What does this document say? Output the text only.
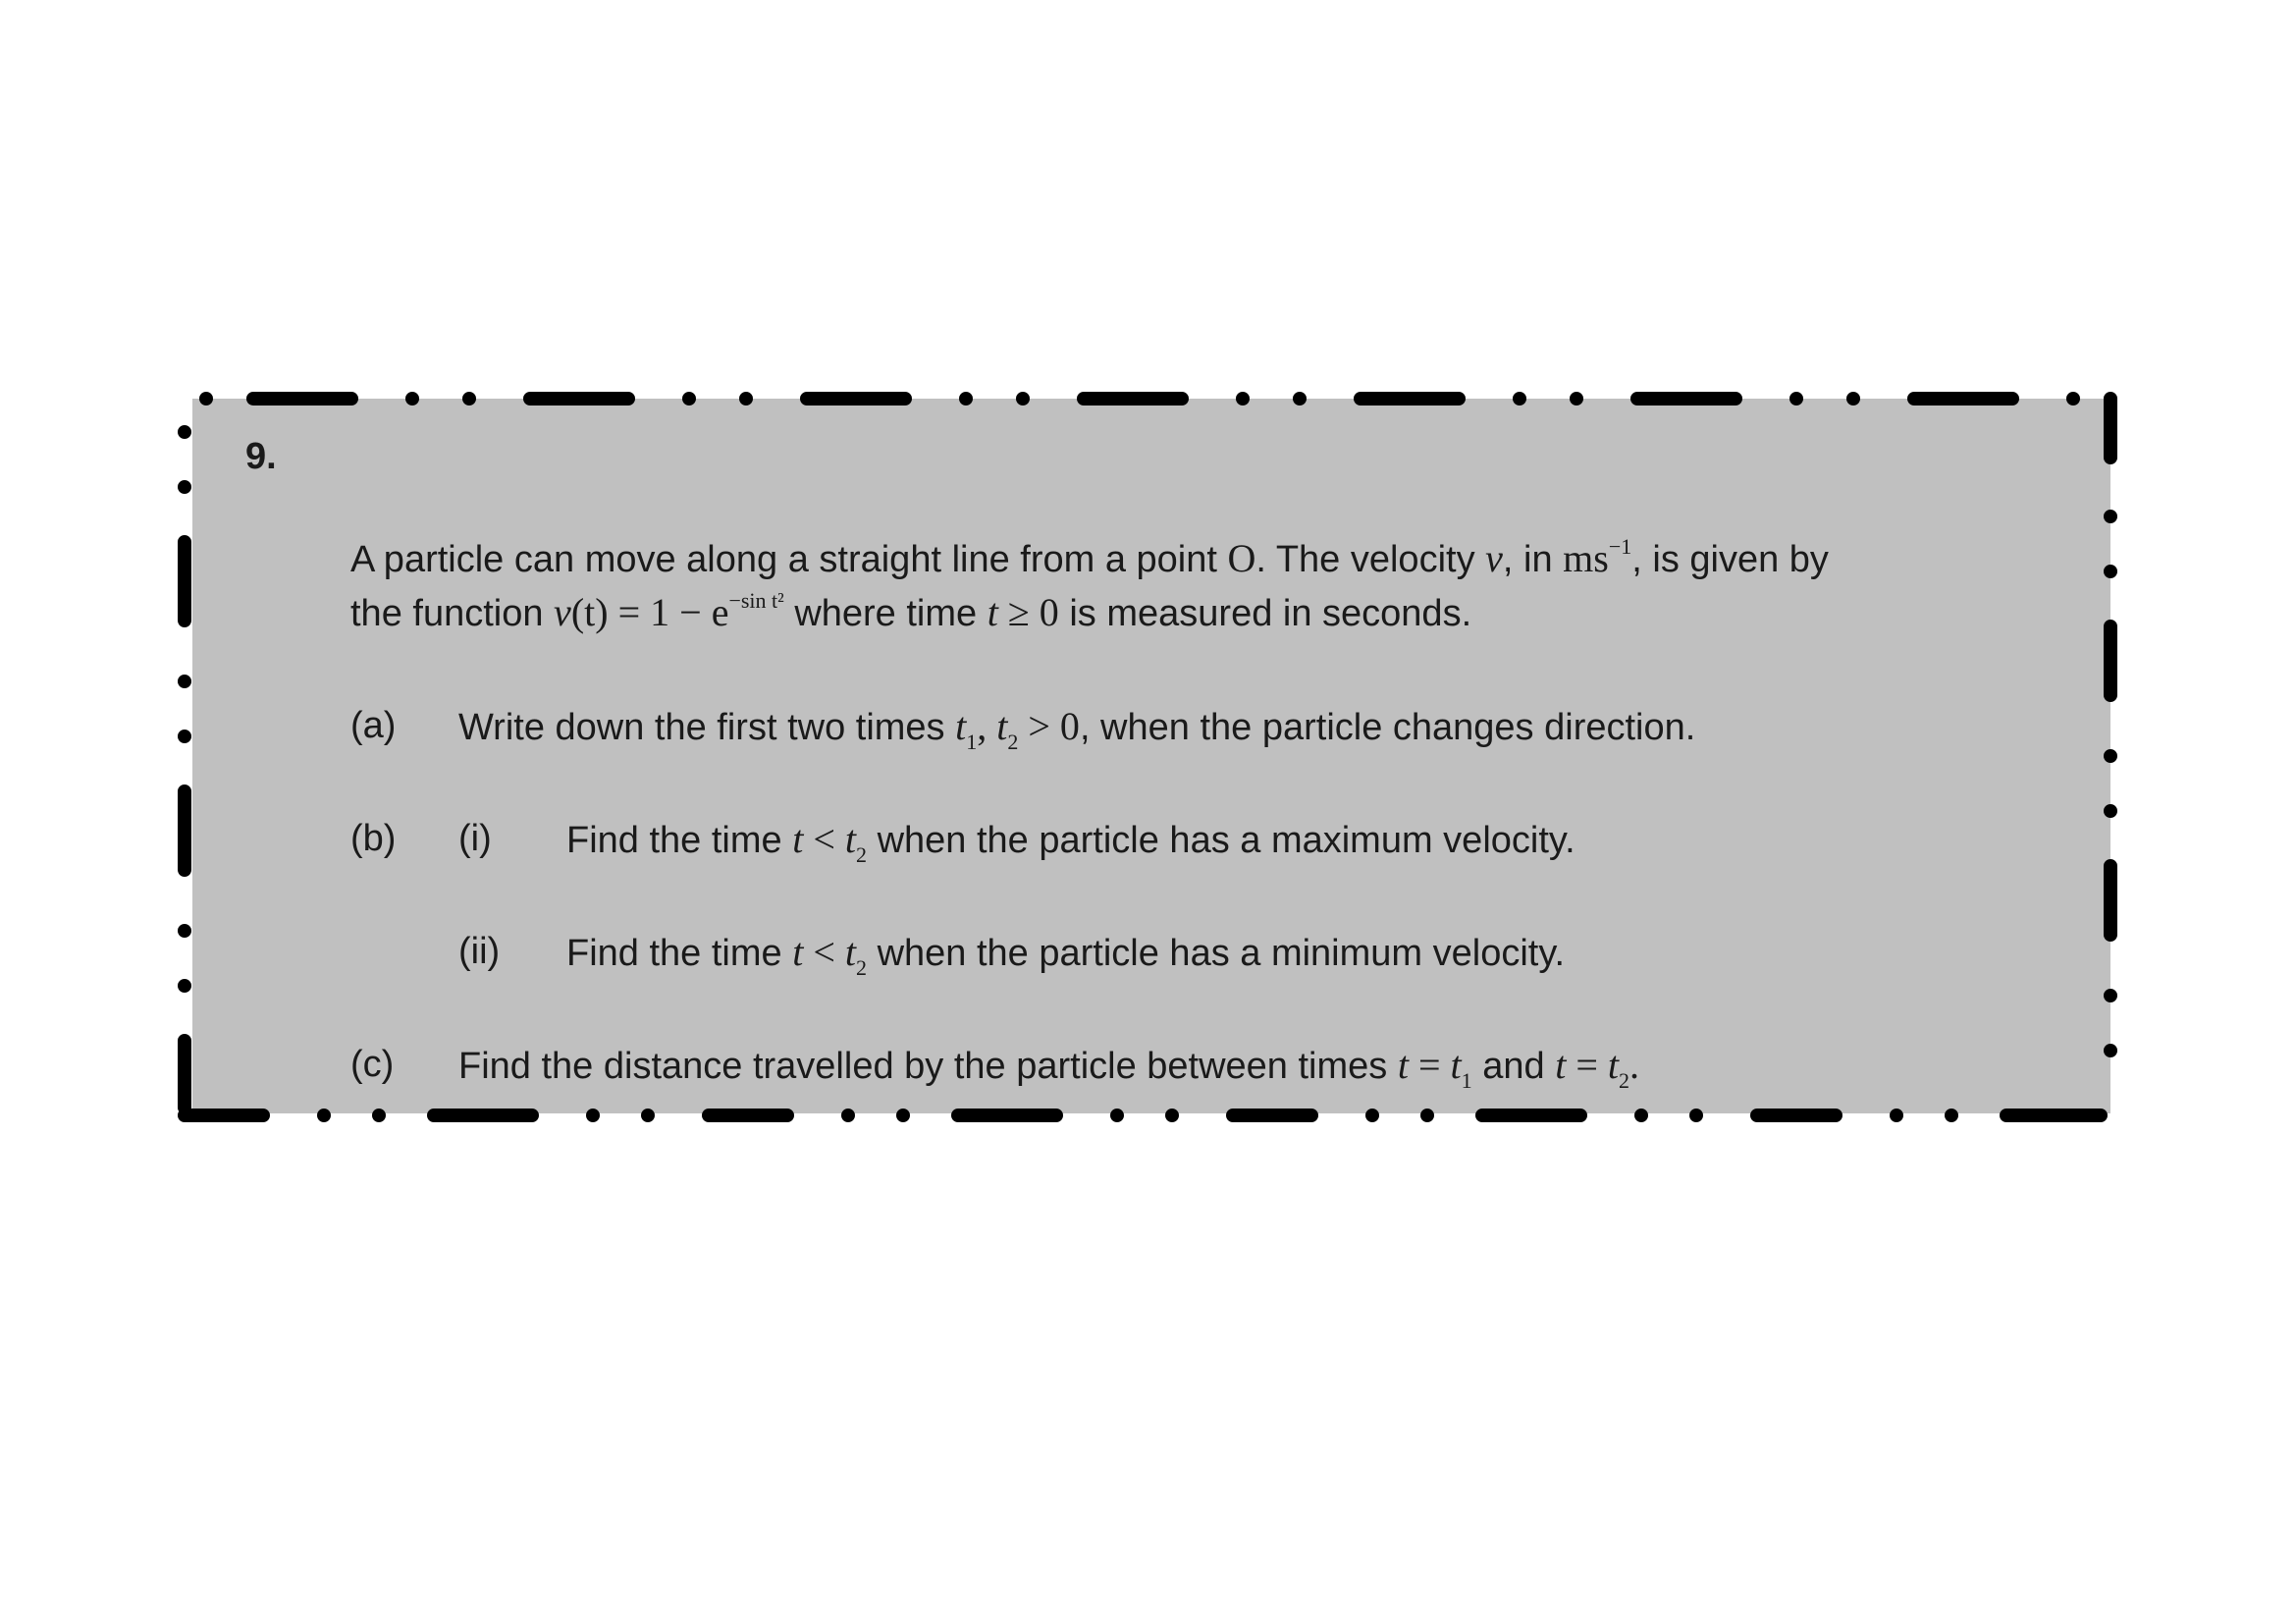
9.
A particle can move along a straight line from a point O. The velocity v, in $ms^{-1}$, is given by
the function $v(t) = 1 - e^{-sin t^2}$ where time t ≥ 0 is measured in seconds.
(a) Write down the first two times $t_1$, $t_2 > 0$, when the particle changes direction.
(b) (i) Find the time $t < t_2$ when the particle has a maximum velocity.
(ii) Find the time $t < t_2$ when the particle has a minimum velocity.
(c) Find the distance travelled by the particle between times $t = t_1$ and $t = t_2$.
